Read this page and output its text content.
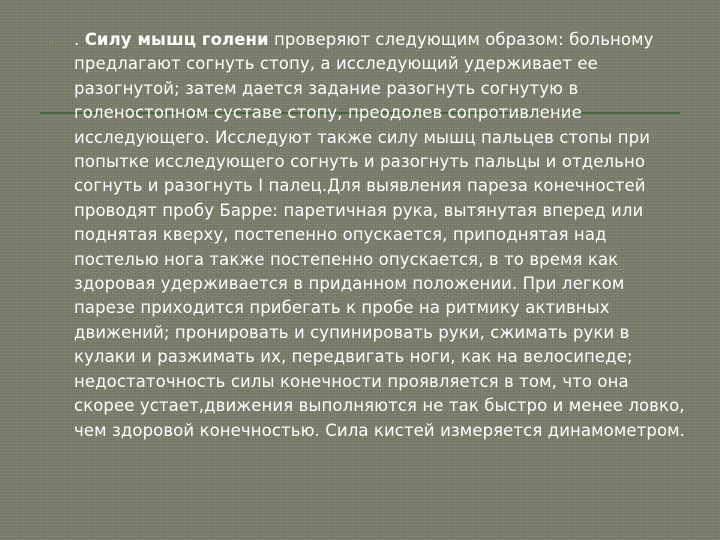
◦ . Силу мышц голени проверяют следующим образом: больному предлагают согнуть стопу, а исследующий удерживает ее разогнутой; затем дается задание разогнуть согнутую в голеностопном суставе стопу, преодолев сопротивление исследующего. Исследуют также силу мышц пальцев стопы при попытке исследующего согнуть и разогнуть пальцы и отдельно согнуть и разогнуть I палец.Для выявления пареза конечностей проводят пробу Барре: паретичная рука, вытянутая вперед или поднятая кверху, постепенно опускается, приподнятая над постелью нога также постепенно опускается, в то время как здоровая удерживается в приданном положении. При легком парезе приходится прибегать к пробе на ритмику активных движений; пронировать и супинировать руки, сжимать руки в кулаки и разжимать их, передвигать ноги, как на велосипеде; недостаточность силы конечности проявляется в том, что она скорее устает,движения выполняются не так быстро и менее ловко, чем здоровой конечностью. Сила кистей измеряется динамометром.
